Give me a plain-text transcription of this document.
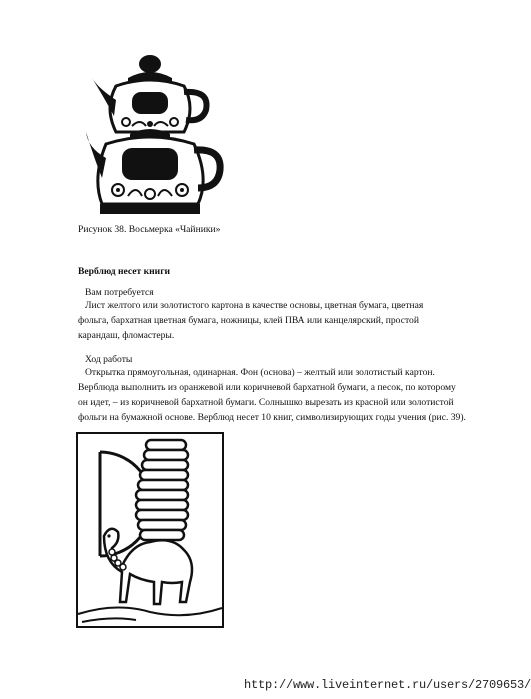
Рисунок 38. Восьмерка «Чайники»
Верблюд несет книги
Вам потребуется
Лист желтого или золотистого картона в качестве основы, цветная бумага, цветная фольга, бархатная цветная бумага, ножницы, клей ПВА или канцелярский, простой карандаш, фломастеры.
Ход работы
Открытка прямоугольная, одинарная. Фон (основа) – желтый или золотистый картон. Верблюда выполнить из оранжевой или коричневой бархатной бумаги, а песок, по которому он идет, – из коричневой бархатной бумаги. Солнышко вырезать из красной или золотистой фольги на бумажной основе. Верблюд несет 10 книг, символизирующих годы учения (рис. 39).
http://www.liveinternet.ru/users/2709653/
